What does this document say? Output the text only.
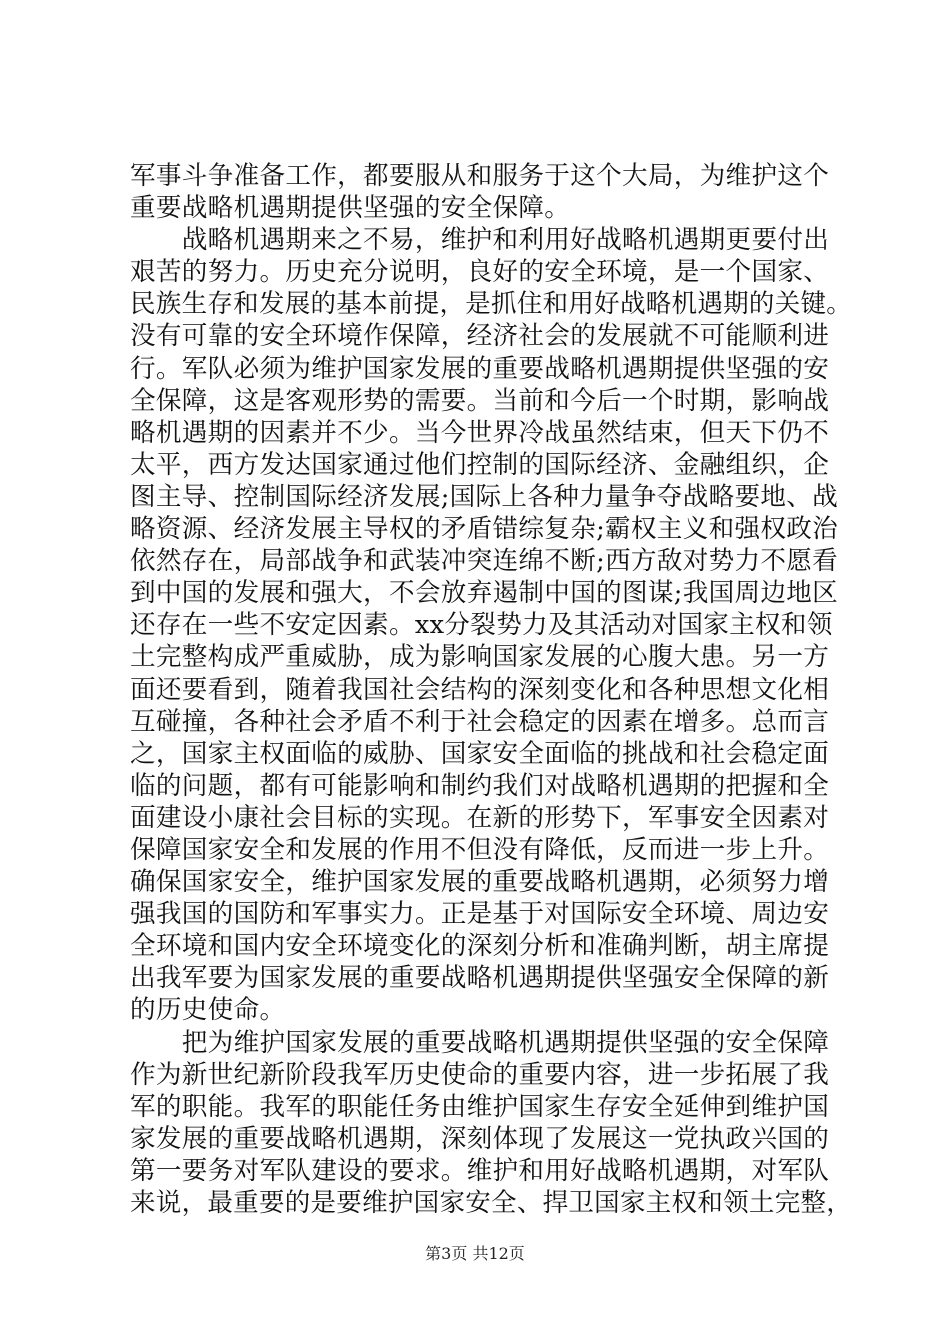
军事斗争准备工作，都要服从和服务于这个大局，为维护这个
重要战略机遇期提供坚强的安全保障。
　　战略机遇期来之不易，维护和利用好战略机遇期更要付出
艰苦的努力。历史充分说明，良好的安全环境，是一个国家、
民族生存和发展的基本前提，是抓住和用好战略机遇期的关键。
没有可靠的安全环境作保障，经济社会的发展就不可能顺利进
行。军队必须为维护国家发展的重要战略机遇期提供坚强的安
全保障，这是客观形势的需要。当前和今后一个时期，影响战
略机遇期的因素并不少。当今世界冷战虽然结束，但天下仍不
太平，西方发达国家通过他们控制的国际经济、金融组织，企
图主导、控制国际经济发展;国际上各种力量争夺战略要地、战
略资源、经济发展主导权的矛盾错综复杂;霸权主义和强权政治
依然存在，局部战争和武装冲突连绵不断;西方敌对势力不愿看
到中国的发展和强大，不会放弃遏制中国的图谋;我国周边地区
还存在一些不安定因素。xx分裂势力及其活动对国家主权和领
土完整构成严重威胁，成为影响国家发展的心腹大患。另一方
面还要看到，随着我国社会结构的深刻变化和各种思想文化相
互碰撞，各种社会矛盾不利于社会稳定的因素在增多。总而言
之，国家主权面临的威胁、国家安全面临的挑战和社会稳定面
临的问题，都有可能影响和制约我们对战略机遇期的把握和全
面建设小康社会目标的实现。在新的形势下，军事安全因素对
保障国家安全和发展的作用不但没有降低，反而进一步上升。
确保国家安全，维护国家发展的重要战略机遇期，必须努力增
强我国的国防和军事实力。正是基于对国际安全环境、周边安
全环境和国内安全环境变化的深刻分析和准确判断，胡主席提
出我军要为国家发展的重要战略机遇期提供坚强安全保障的新
的历史使命。
　　把为维护国家发展的重要战略机遇期提供坚强的安全保障
作为新世纪新阶段我军历史使命的重要内容，进一步拓展了我
军的职能。我军的职能任务由维护国家生存安全延伸到维护国
家发展的重要战略机遇期，深刻体现了发展这一党执政兴国的
第一要务对军队建设的要求。维护和用好战略机遇期，对军队
来说，最重要的是要维护国家安全、捍卫国家主权和领土完整，
第3页 共12页
